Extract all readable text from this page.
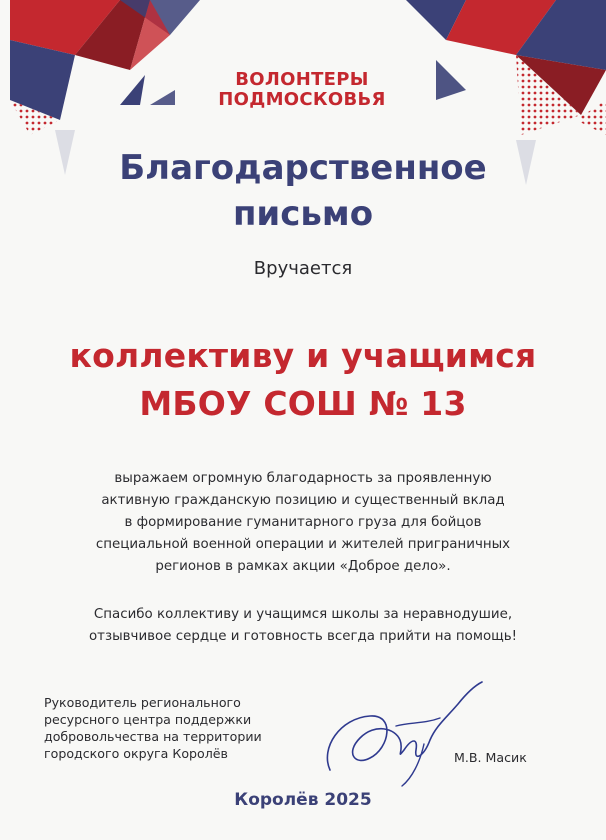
ВОЛОНТЕРЫ
ПОДМОСКОВЬЯ
Благодарственное
письмо
Вручается
коллективу и учащимся
МБОУ СОШ № 13
выражаем огромную благодарность за проявленную
активную гражданскую позицию и существенный вклад
в формирование гуманитарного груза для бойцов
специальной военной операции и жителей приграничных
регионов в рамках акции «Доброе дело».
Спасибо коллективу и учащимся школы за неравнодушие,
отзывчивое сердце и готовность всегда прийти на помощь!
Руководитель регионального
ресурсного центра поддержки
добровольчества на территории
городского округа Королёв	М.В. Масик
Королёв 2025
